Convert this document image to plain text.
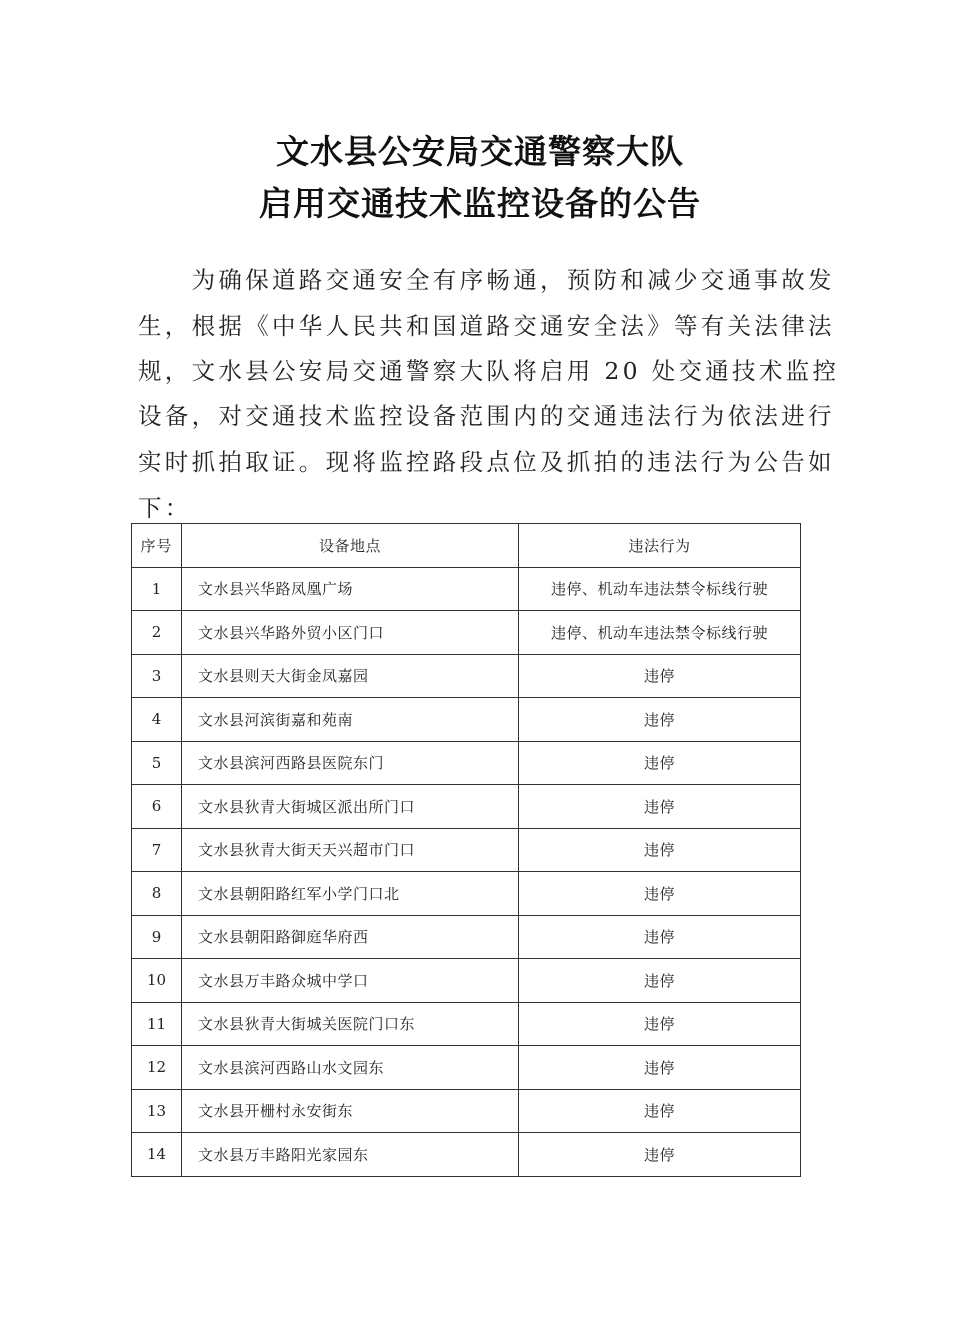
文水县公安局交通警察大队
启用交通技术监控设备的公告
　　为确保道路交通安全有序畅通，预防和减少交通事故发
生，根据《中华人民共和国道路交通安全法》等有关法律法
规，文水县公安局交通警察大队将启用 20 处交通技术监控
设备，对交通技术监控设备范围内的交通违法行为依法进行
实时抓拍取证。现将监控路段点位及抓拍的违法行为公告如
下：
序号	设备地点	违法行为
1	文水县兴华路凤凰广场	违停、机动车违法禁令标线行驶
2	文水县兴华路外贸小区门口	违停、机动车违法禁令标线行驶
3	文水县则天大街金凤嘉园	违停
4	文水县河滨街嘉和苑南	违停
5	文水县滨河西路县医院东门	违停
6	文水县狄青大街城区派出所门口	违停
7	文水县狄青大街天天兴超市门口	违停
8	文水县朝阳路红军小学门口北	违停
9	文水县朝阳路御庭华府西	违停
10	文水县万丰路众城中学口	违停
11	文水县狄青大街城关医院门口东	违停
12	文水县滨河西路山水文园东	违停
13	文水县开栅村永安街东	违停
14	文水县万丰路阳光家园东	违停
